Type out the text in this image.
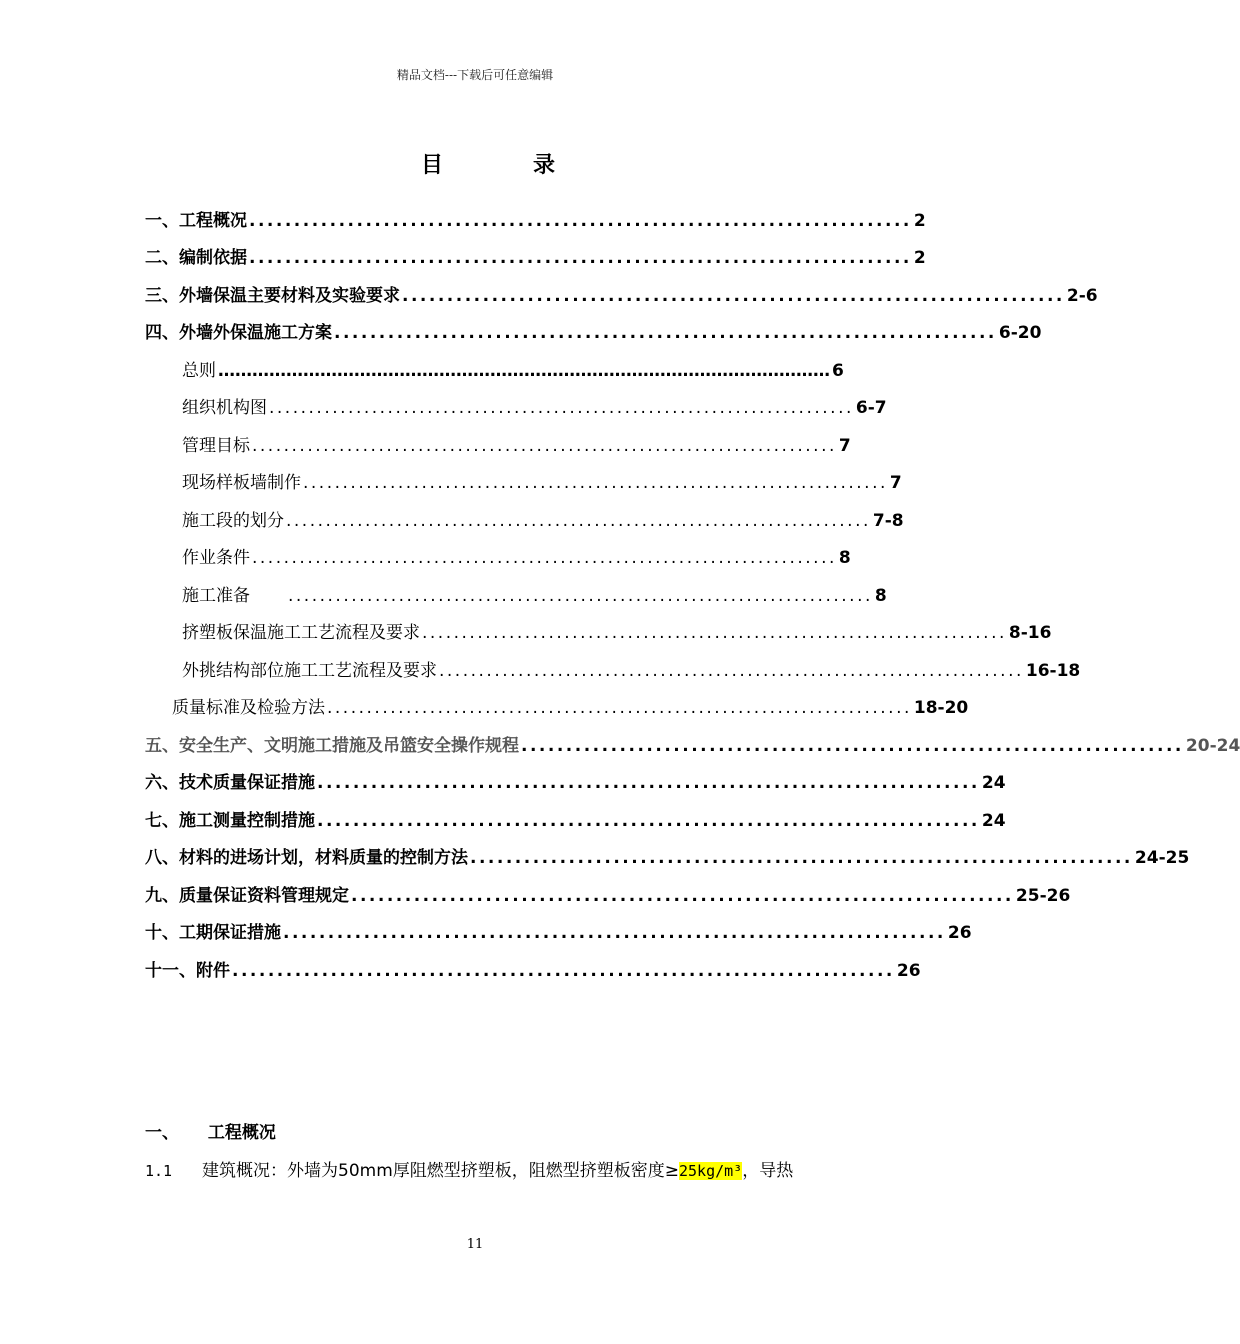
精品文档---下载后可任意编辑
目　录
一、 工程概况 .......................................................................... 2
二、 编制依据 .......................................................................... 2
三、 外墙保温主要材料及实验要求 .......................................................................... 2-6
四、 外墙外保温施工方案 .......................................................................... 6-20
总则 ……………………………………………………………………………………………… 6
组织机构图 .......................................................................... 6-7
管理目标 .......................................................................... 7
现场样板墙制作 .......................................................................... 7
施工段的划分 .......................................................................... 7-8
作业条件 .......................................................................... 8
施工准备	.......................................................................... 8
挤塑板保温施工工艺流程及要求 .......................................................................... 8-16
外挑结构部位施工工艺流程及要求 .......................................................................... 16-18
质量标准及检验方法 .......................................................................... 18-20
五、 安全生产、文明施工措施及吊篮安全操作规程 .......................................................................... 20-24
六、 技术质量保证措施 .......................................................................... 24
七、 施工测量控制措施 .......................................................................... 24
八、 材料的进场计划，材料质量的控制方法 .......................................................................... 24-25
九、 质量保证资料管理规定 .......................................................................... 25-26
十、 工期保证措施 .......................................................................... 26
十一、 附件 .......................................................................... 26
一、 工程概况
1.1 建筑概况：外墙为50mm厚阻燃型挤塑板，阻燃型挤塑板密度≥25kg/m³，导热
11
